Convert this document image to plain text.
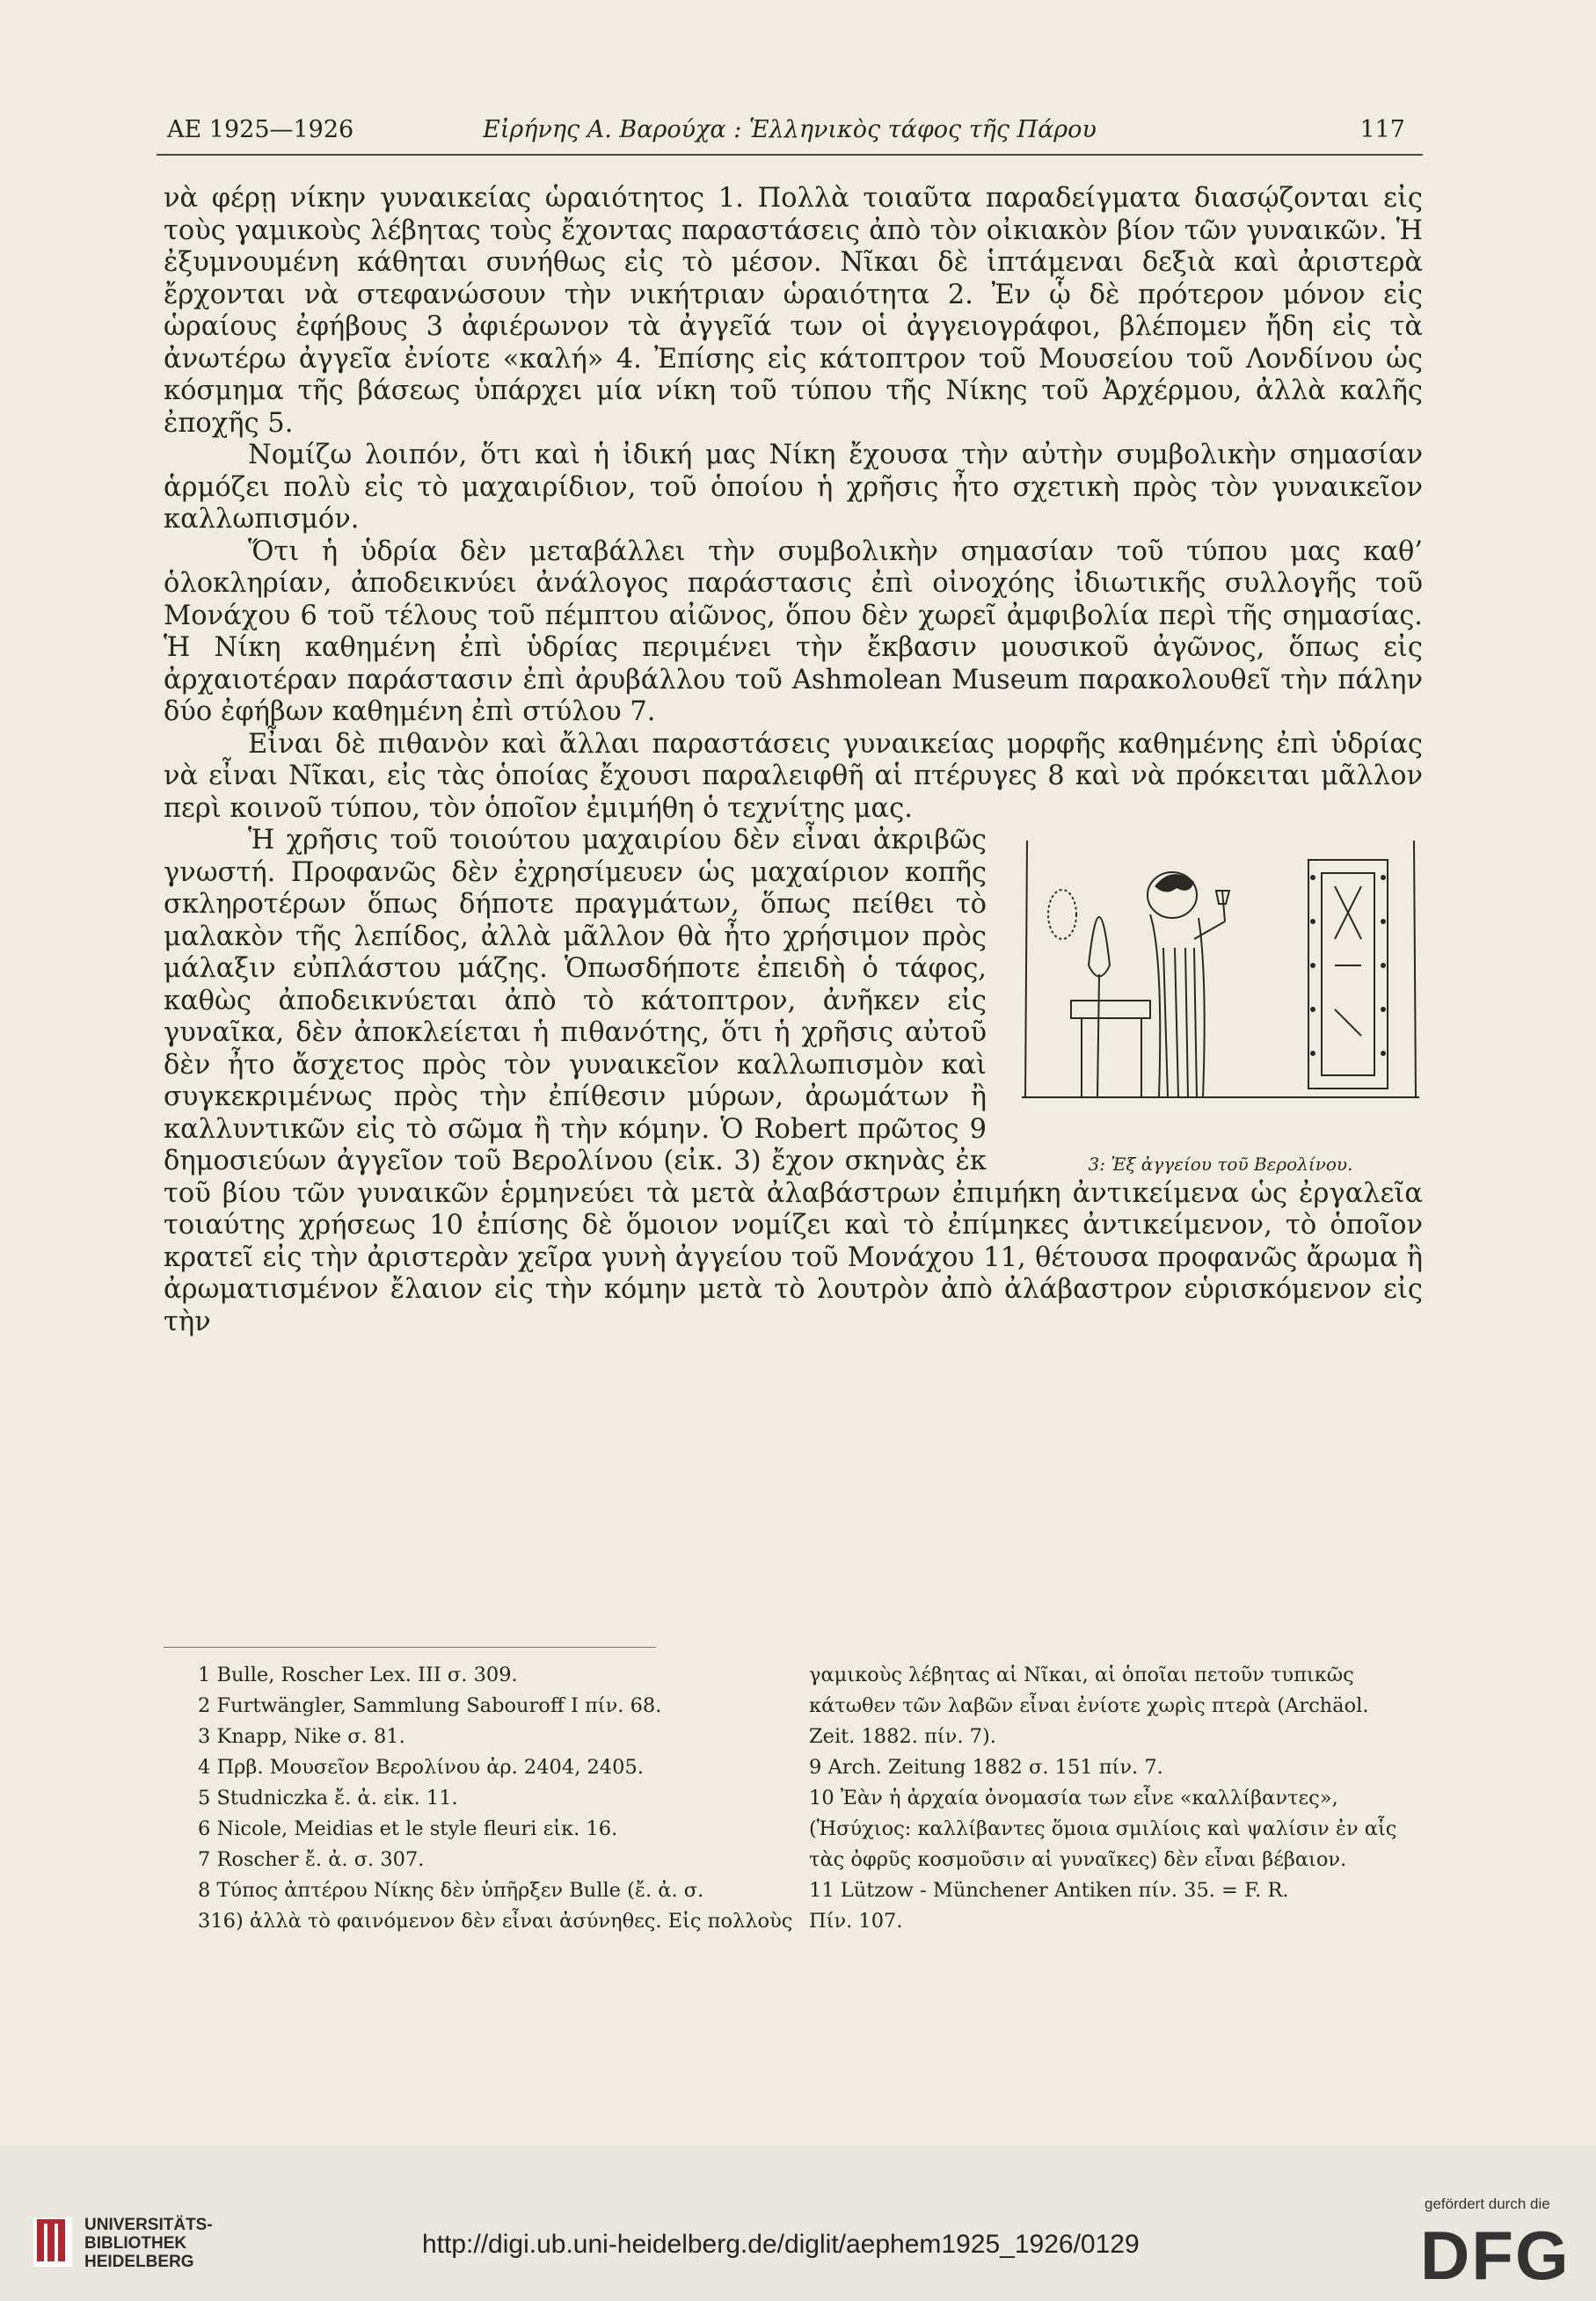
ΑΕ 1925—1926	Εἰρήνης Α. Βαρούχα : Ἑλληνικὸς τάφος τῆς Πάρου	117

νὰ φέρῃ νίκην γυναικείας ὡραιότητος 1. Πολλὰ τοιαῦτα παραδείγματα διασῴζονται εἰς τοὺς γαμικοὺς λέβητας τοὺς ἔχοντας παραστάσεις ἀπὸ τὸν οἰκιακὸν βίον τῶν γυναικῶν. Ἡ ἐξυμνουμένη κάθηται συνήθως εἰς τὸ μέσον. Νῖκαι δὲ ἱπτάμεναι δεξιὰ καὶ ἀριστερὰ ἔρχονται νὰ στεφανώσουν τὴν νικήτριαν ὡραιότητα 2. Ἐν ᾧ δὲ πρότερον μόνον εἰς ὡραίους ἐφήβους 3 ἀφιέρωνον τὰ ἀγγεῖά των οἱ ἀγγειογράφοι, βλέπομεν ἤδη εἰς τὰ ἀνωτέρω ἀγγεῖα ἐνίοτε «καλή» 4. Ἐπίσης εἰς κάτοπτρον τοῦ Μουσείου τοῦ Λονδίνου ὡς κόσμημα τῆς βάσεως ὑπάρχει μία νίκη τοῦ τύπου τῆς Νίκης τοῦ Ἀρχέρμου, ἀλλὰ καλῆς ἐποχῆς 5.

Νομίζω λοιπόν, ὅτι καὶ ἡ ἰδική μας Νίκη ἔχουσα τὴν αὐτὴν συμβολικὴν σημασίαν ἁρμόζει πολὺ εἰς τὸ μαχαιρίδιον, τοῦ ὁποίου ἡ χρῆσις ἦτο σχετικὴ πρὸς τὸν γυναικεῖον καλλωπισμόν.

Ὅτι ἡ ὑδρία δὲν μεταβάλλει τὴν συμβολικὴν σημασίαν τοῦ τύπου μας καθ’ ὁλοκληρίαν, ἀποδεικνύει ἀνάλογος παράστασις ἐπὶ οἰνοχόης ἰδιωτικῆς συλλογῆς τοῦ Μονάχου 6 τοῦ τέλους τοῦ πέμπτου αἰῶνος, ὅπου δὲν χωρεῖ ἀμφιβολία περὶ τῆς σημασίας. Ἡ Νίκη καθημένη ἐπὶ ὑδρίας περιμένει τὴν ἔκβασιν μουσικοῦ ἀγῶνος, ὅπως εἰς ἀρχαιοτέραν παράστασιν ἐπὶ ἀρυβάλλου τοῦ Ashmolean Museum παρακολουθεῖ τὴν πάλην δύο ἐφήβων καθημένη ἐπὶ στύλου 7.

Εἶναι δὲ πιθανὸν καὶ ἄλλαι παραστάσεις γυναικείας μορφῆς καθημένης ἐπὶ ὑδρίας νὰ εἶναι Νῖκαι, εἰς τὰς ὁποίας ἔχουσι παραλειφθῆ αἱ πτέρυγες 8 καὶ νὰ πρόκειται μᾶλλον περὶ κοινοῦ τύπου, τὸν ὁποῖον ἐμιμήθη ὁ τεχνίτης μας.

3: Ἐξ ἀγγείου τοῦ Βερολίνου.

Ἡ χρῆσις τοῦ τοιούτου μαχαιρίου δὲν εἶναι ἀκριβῶς γνωστή. Προφανῶς δὲν ἐχρησίμευεν ὡς μαχαίριον κοπῆς σκληροτέρων ὅπως δήποτε πραγμάτων, ὅπως πείθει τὸ μαλακὸν τῆς λεπίδος, ἀλλὰ μᾶλλον θὰ ἦτο χρήσιμον πρὸς μάλαξιν εὐπλάστου μάζης. Ὁπωσδήποτε ἐπειδὴ ὁ τάφος, καθὼς ἀποδεικνύεται ἀπὸ τὸ κάτοπτρον, ἀνῆκεν εἰς γυναῖκα, δὲν ἀποκλείεται ἡ πιθανότης, ὅτι ἡ χρῆσις αὐτοῦ δὲν ἦτο ἄσχετος πρὸς τὸν γυναικεῖον καλλωπισμὸν καὶ συγκεκριμένως πρὸς τὴν ἐπίθεσιν μύρων, ἀρωμάτων ἢ καλλυντικῶν εἰς τὸ σῶμα ἢ τὴν κόμην. Ὁ Robert πρῶτος 9 δημοσιεύων ἀγγεῖον τοῦ Βερολίνου (εἰκ. 3) ἔχον σκηνὰς ἐκ τοῦ βίου τῶν γυναικῶν ἑρμηνεύει τὰ μετὰ ἀλαβάστρων ἐπιμήκη ἀντικείμενα ὡς ἐργαλεῖα τοιαύτης χρήσεως 10 ἐπίσης δὲ ὅμοιον νομίζει καὶ τὸ ἐπίμηκες ἀντικείμενον, τὸ ὁποῖον κρατεῖ εἰς τὴν ἀριστερὰν χεῖρα γυνὴ ἀγγείου τοῦ Μονάχου 11, θέτουσα προφανῶς ἄρωμα ἢ ἀρωματισμένον ἔλαιον εἰς τὴν κόμην μετὰ τὸ λουτρὸν ἀπὸ ἀλάβαστρον εὑρισκόμενον εἰς τὴν

1 Bulle, Roscher Lex. III σ. 309.
2 Furtwängler, Sammlung Sabouroff I πίν. 68.
3 Knapp, Nike σ. 81.
4 Πρβ. Μουσεῖον Βερολίνου ἀρ. 2404, 2405.
5 Studniczka ἔ. ἀ. εἰκ. 11.
6 Nicole, Meidias et le style fleuri εἰκ. 16.
7 Roscher ἔ. ἀ. σ. 307.
8 Τύπος ἀπτέρου Νίκης δὲν ὑπῆρξεν Bulle (ἔ. ἀ. σ.
316) ἀλλὰ τὸ φαινόμενον δὲν εἶναι ἀσύνηθες. Εἰς πολλοὺς
γαμικοὺς λέβητας αἱ Νῖκαι, αἱ ὁποῖαι πετοῦν τυπικῶς
κάτωθεν τῶν λαβῶν εἶναι ἐνίοτε χωρὶς πτερὰ (Archäol.
Zeit. 1882. πίν. 7).
9 Arch. Zeitung 1882 σ. 151 πίν. 7.
10 Ἐὰν ἡ ἀρχαία ὀνομασία των εἶνε «καλλίβαντες»,
(Ἡσύχιος: καλλίβαντες ὅμοια σμιλίοις καὶ ψαλίσιν ἐν αἷς
τὰς ὀφρῦς κοσμοῦσιν αἱ γυναῖκες) δὲν εἶναι βέβαιον.
11 Lützow - Münchener Antiken πίν. 35. = F. R.
Πίν. 107.
UNIVERSITÄTS-
BIBLIOTHEK
HEIDELBERG
http://digi.ub.uni-heidelberg.de/diglit/aephem1925_1926/0129
gefördert durch die
DFG
